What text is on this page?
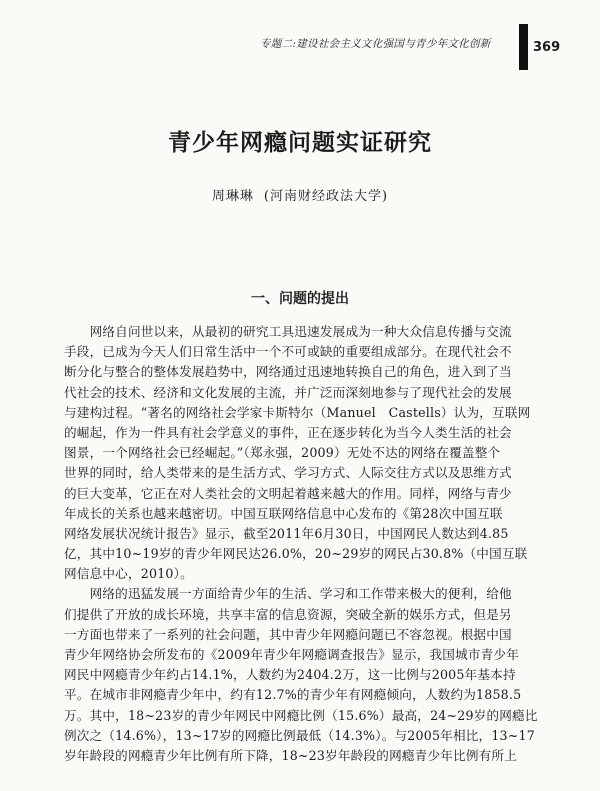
专题二:建设社会主义文化强国与青少年文化创新	369
青少年网瘾问题实证研究
周琳琳 (河南财经政法大学)
一、问题的提出
　　网络自问世以来，从最初的研究工具迅速发展成为一种大众信息传播与交流
手段，已成为今天人们日常生活中一个不可或缺的重要组成部分。在现代社会不
断分化与整合的整体发展趋势中，网络通过迅速地转换自己的角色，进入到了当
代社会的技术、经济和文化发展的主流，并广泛而深刻地参与了现代社会的发展
与建构过程。“著名的网络社会学家卡斯特尔（Manuel　Castells）认为，互联网
的崛起，作为一件具有社会学意义的事件，正在逐步转化为当今人类生活的社会
图景，一个网络社会已经崛起。”（郑永强，2009）无处不达的网络在覆盖整个
世界的同时，给人类带来的是生活方式、学习方式、人际交往方式以及思维方式
的巨大变革，它正在对人类社会的文明起着越来越大的作用。同样，网络与青少
年成长的关系也越来越密切。中国互联网络信息中心发布的《第28次中国互联
网络发展状况统计报告》显示，截至2011年6月30日，中国网民人数达到4.85
亿，其中10~19岁的青少年网民达26.0%，20~29岁的网民占30.8%（中国互联
网信息中心，2010）。
　　网络的迅猛发展一方面给青少年的生活、学习和工作带来极大的便利，给他
们提供了开放的成长环境，共享丰富的信息资源，突破全新的娱乐方式，但是另
一方面也带来了一系列的社会问题，其中青少年网瘾问题已不容忽视。根据中国
青少年网络协会所发布的《2009年青少年网瘾调查报告》显示，我国城市青少年
网民中网瘾青少年约占14.1%，人数约为2404.2万，这一比例与2005年基本持
平。在城市非网瘾青少年中，约有12.7%的青少年有网瘾倾向，人数约为1858.5
万。其中，18~23岁的青少年网民中网瘾比例（15.6%）最高，24~29岁的网瘾比
例次之（14.6%），13~17岁的网瘾比例最低（14.3%）。与2005年相比，13~17
岁年龄段的网瘾青少年比例有所下降，18~23岁年龄段的网瘾青少年比例有所上
